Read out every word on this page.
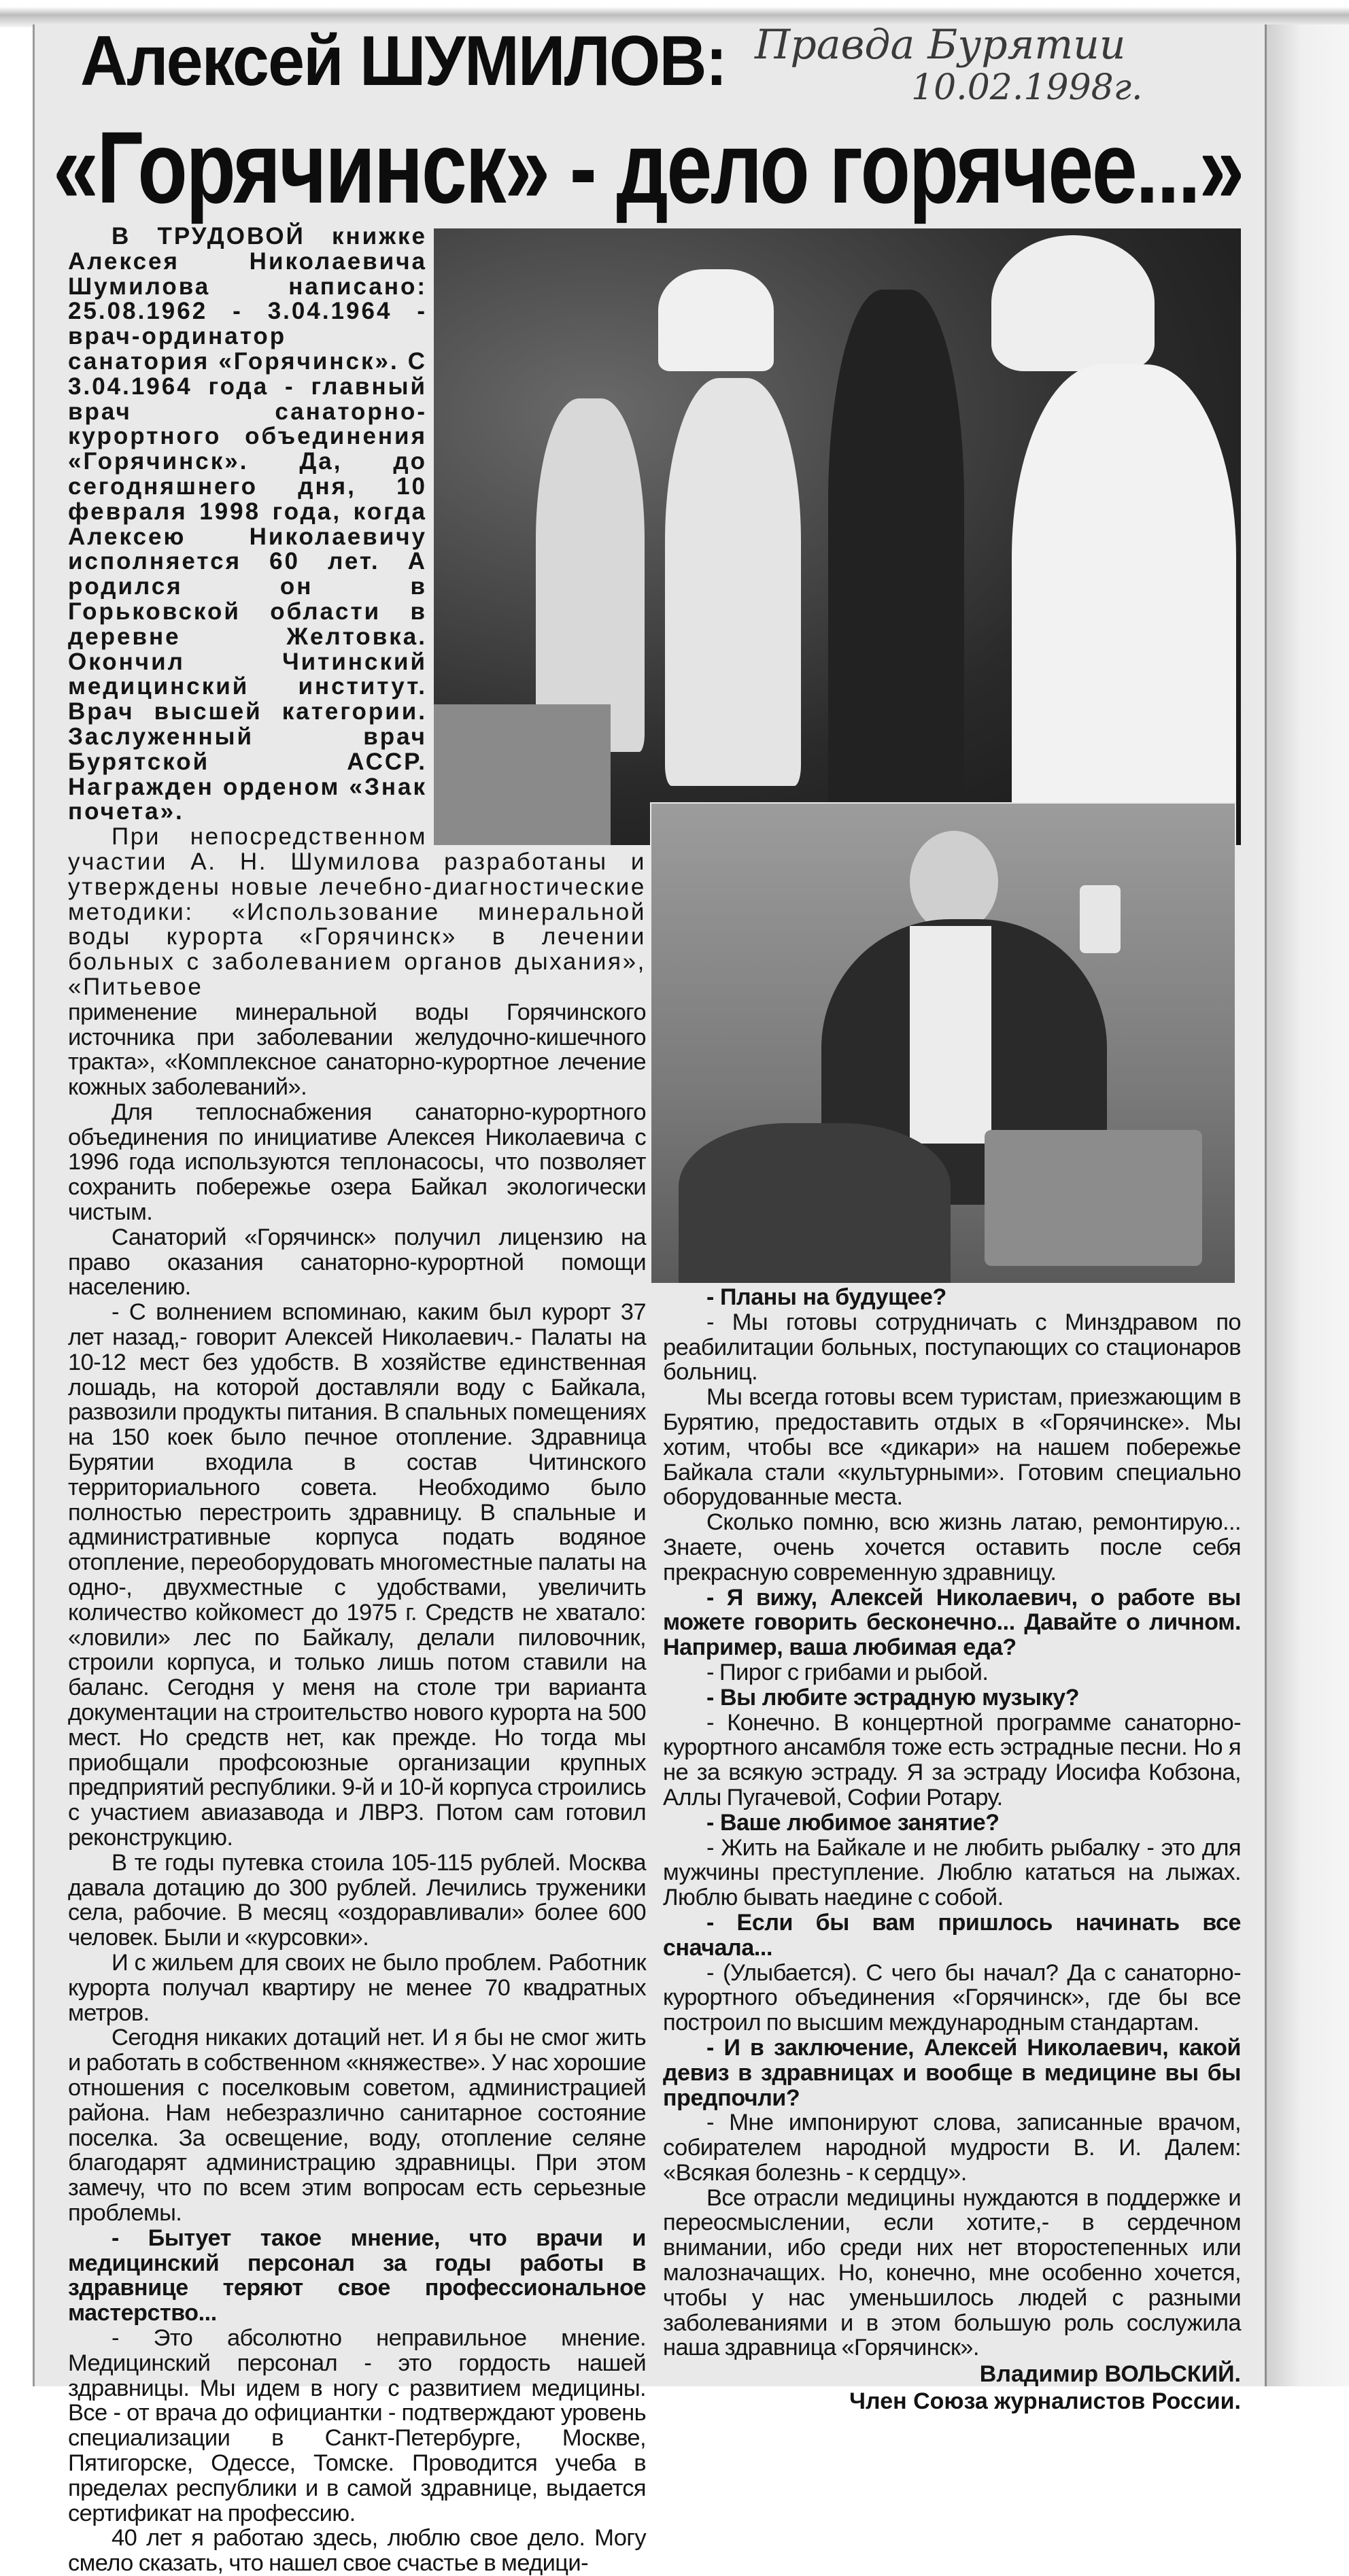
Алексей ШУМИЛОВ:
«Горячинск» - дело горячее...»
Правда Бурятии
10.02.1998г.

В ТРУДОВОЙ книжке Алексея Николаевича Шумилова написано: 25.08.1962 - 3.04.1964 - врач-ординатор санатория «Горячинск». С 3.04.1964 года - главный врач санаторно-курортного объединения «Горячинск». Да, до сегодняшнего дня, 10 февраля 1998 года, когда Алексею Николаевичу исполняется 60 лет. А родился он в Горьковской области в деревне Желтовка. Окончил Читинский медицинский институт. Врач высшей категории. Заслуженный врач Бурятской АССР. Награжден орденом «Знак почета».

При непосредственном участии А. Н. Шумилова разработаны и утверждены новые лечебно-диагностические методики: «Использование минеральной воды курорта «Горячинск» в лечении больных с заболеванием органов дыхания», «Питьевое

применение минеральной воды Горячинского источника при заболевании желудочно-кишечного тракта», «Комплексное санаторно-курортное лечение кожных заболеваний».

Для теплоснабжения санаторно-курортного объединения по инициативе Алексея Николаевича с 1996 года используются теплонасосы, что позволяет сохранить побережье озера Байкал экологически чистым.

Санаторий «Горячинск» получил лицензию на право оказания санаторно-курортной помощи населению.

- С волнением вспоминаю, каким был курорт 37 лет назад,- говорит Алексей Николаевич.- Палаты на 10-12 мест без удобств. В хозяйстве единственная лошадь, на которой доставляли воду с Байкала, развозили продукты питания. В спальных помещениях на 150 коек было печное отопление. Здравница Бурятии входила в состав Читинского территориального совета. Необходимо было полностью перестроить здравницу. В спальные и административные корпуса подать водяное отопление, переоборудовать многоместные палаты на одно-, двухместные с удобствами, увеличить количество койкомест до 1975 г. Средств не хватало: «ловили» лес по Байкалу, делали пиловочник, строили корпуса, и только лишь потом ставили на баланс. Сегодня у меня на столе три варианта документации на строительство нового курорта на 500 мест. Но средств нет, как прежде. Но тогда мы приобщали профсоюзные организации крупных предприятий республики. 9-й и 10-й корпуса строились с участием авиазавода и ЛВРЗ. Потом сам готовил реконструкцию.

В те годы путевка стоила 105-115 рублей. Москва давала дотацию до 300 рублей. Лечились труженики села, рабочие. В месяц «оздоравливали» более 600 человек. Были и «курсовки».

И с жильем для своих не было проблем. Работник курорта получал квартиру не менее 70 квадратных метров.

Сегодня никаких дотаций нет. И я бы не смог жить и работать в собственном «княжестве». У нас хорошие отношения с поселковым советом, администрацией района. Нам небезразлично санитарное состояние поселка. За освещение, воду, отопление селяне благодарят администрацию здравницы. При этом замечу, что по всем этим вопросам есть серьезные проблемы.

- Бытует такое мнение, что врачи и медицинский персонал за годы работы в здравнице теряют свое профессиональное мастерство...

- Это абсолютно неправильное мнение. Медицинский персонал - это гордость нашей здравницы. Мы идем в ногу с развитием медицины. Все - от врача до официантки - подтверждают уровень специализации в Санкт-Петербурге, Москве, Пятигорске, Одессе, Томске. Проводится учеба в пределах республики и в самой здравнице, выдается сертификат на профессию.

40 лет я работаю здесь, люблю свое дело. Могу смело сказать, что нашел свое счастье в медици-

- Планы на будущее?

- Мы готовы сотрудничать с Минздравом по реабилитации больных, поступающих со стационаров больниц.

Мы всегда готовы всем туристам, приезжающим в Бурятию, предоставить отдых в «Горячинске». Мы хотим, чтобы все «дикари» на нашем побережье Байкала стали «культурными». Готовим специально оборудованные места.

Сколько помню, всю жизнь латаю, ремонтирую... Знаете, очень хочется оставить после себя прекрасную современную здравницу.

- Я вижу, Алексей Николаевич, о работе вы можете говорить бесконечно... Давайте о личном. Например, ваша любимая еда?

- Пирог с грибами и рыбой.

- Вы любите эстрадную музыку?

- Конечно. В концертной программе санаторно-курортного ансамбля тоже есть эстрадные песни. Но я не за всякую эстраду. Я за эстраду Иосифа Кобзона, Аллы Пугачевой, Софии Ротару.

- Ваше любимое занятие?

- Жить на Байкале и не любить рыбалку - это для мужчины преступление. Люблю кататься на лыжах. Люблю бывать наедине с собой.

- Если бы вам пришлось начинать все сначала...

- (Улыбается). С чего бы начал? Да с санаторно-курортного объединения «Горячинск», где бы все построил по высшим международным стандартам.

- И в заключение, Алексей Николаевич, какой девиз в здравницах и вообще в медицине вы бы предпочли?

- Мне импонируют слова, записанные врачом, собирателем народной мудрости В. И. Далем: «Всякая болезнь - к сердцу».

Все отрасли медицины нуждаются в поддержке и переосмыслении, если хотите,- в сердечном внимании, ибо среди них нет второстепенных или малозначащих. Но, конечно, мне особенно хочется, чтобы у нас уменьшилось людей с разными заболеваниями и в этом большую роль сослужила наша здравница «Горячинск».

Владимир ВОЛЬСКИЙ.

Член Союза журналистов России.
